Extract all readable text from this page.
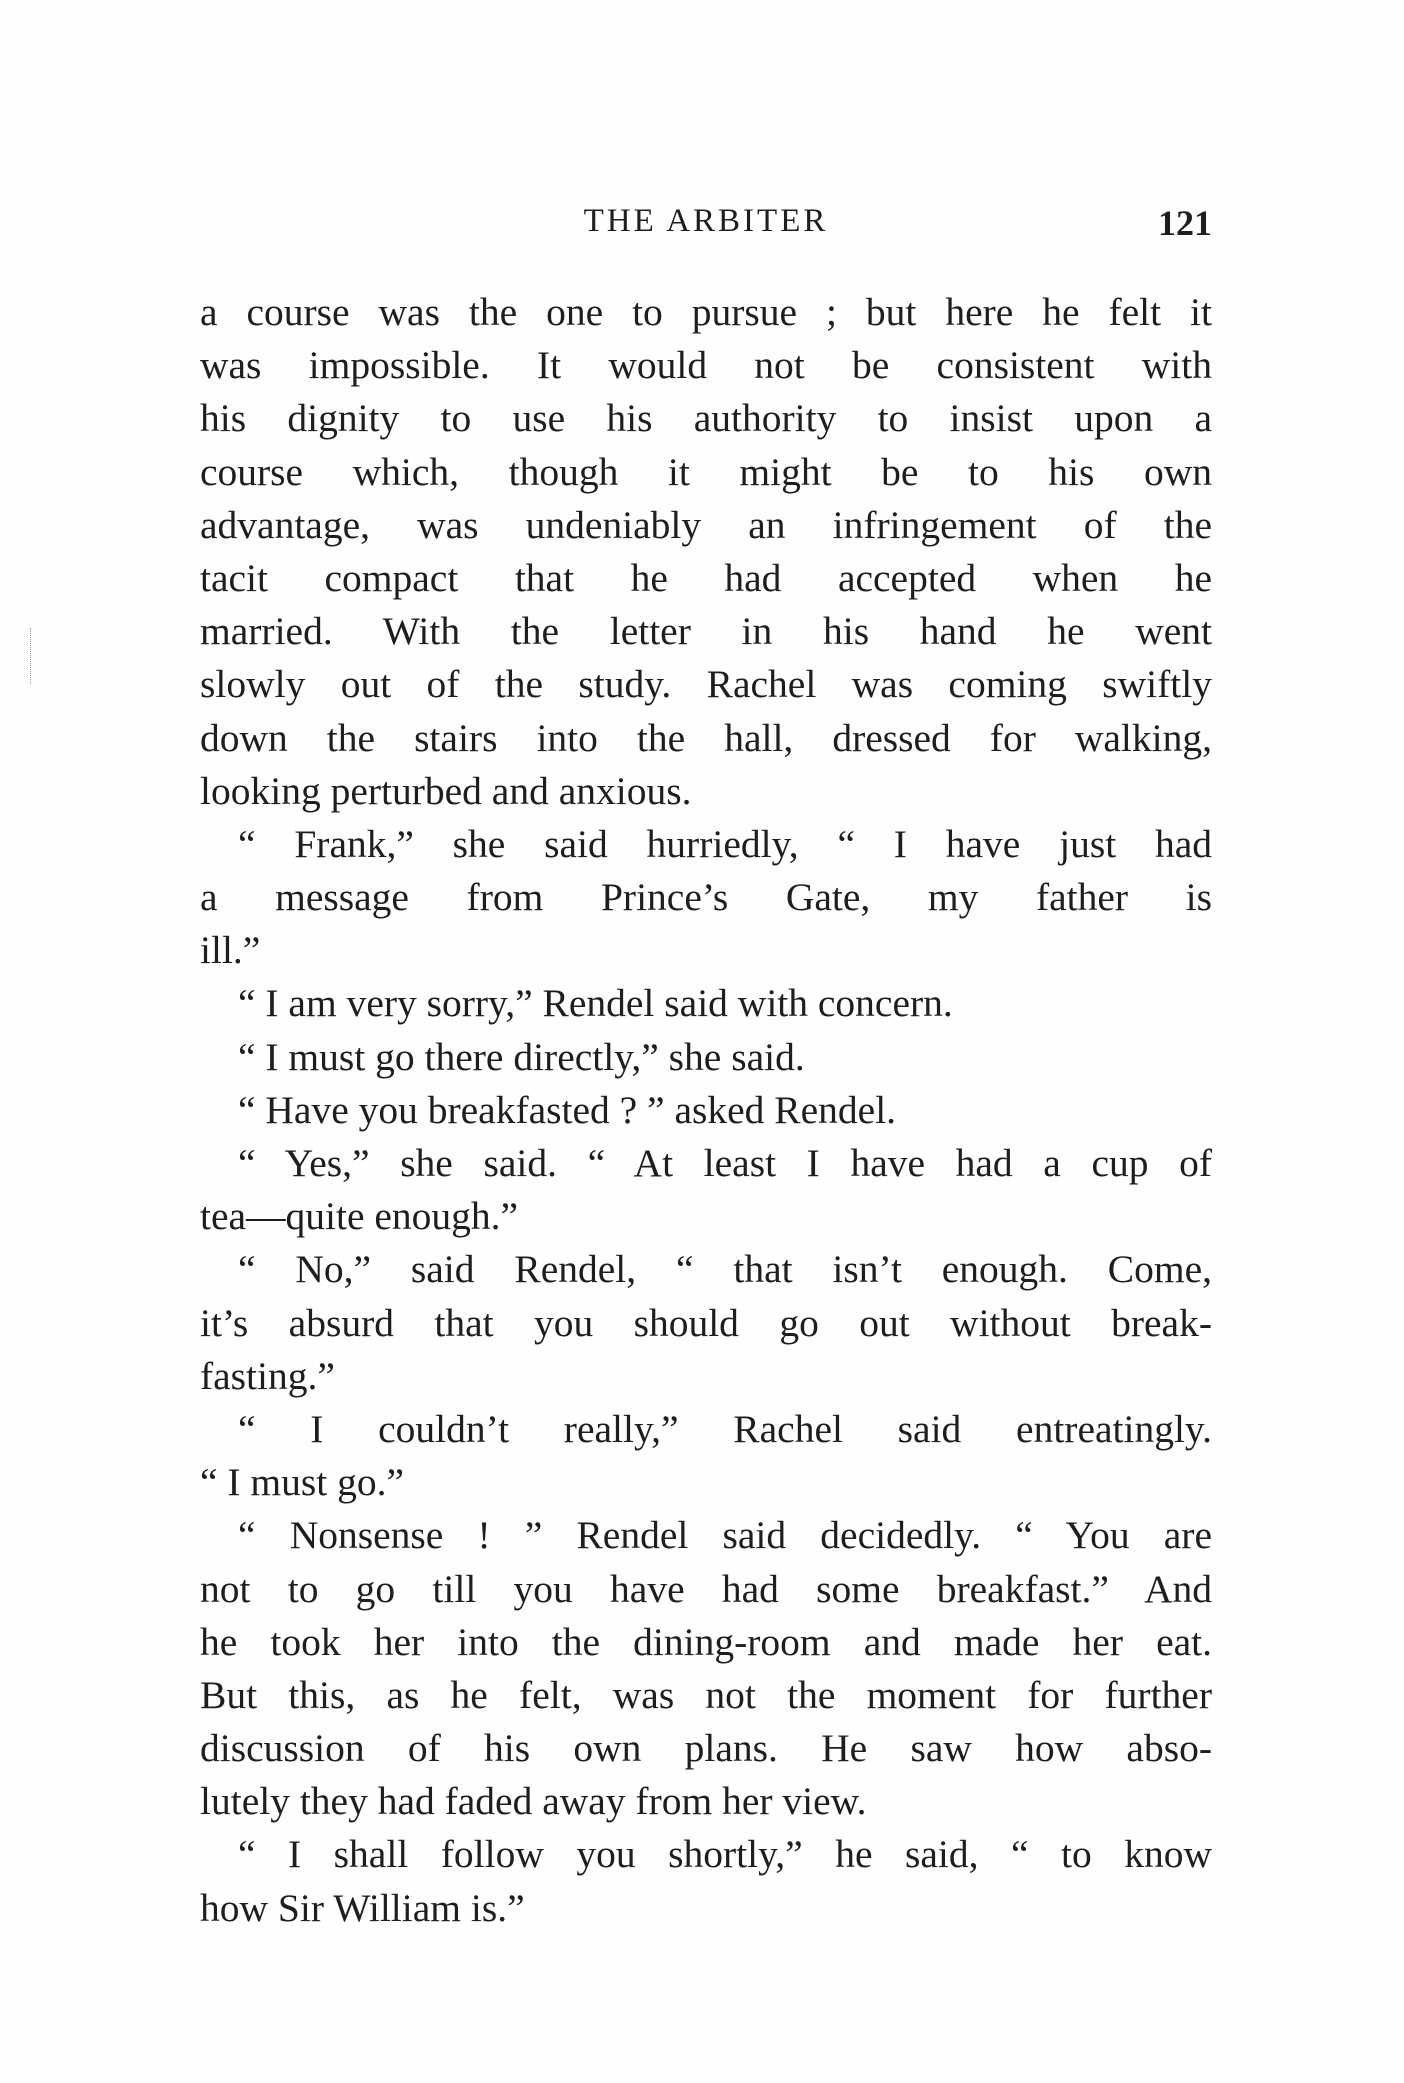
THE ARBITER	121
a course was the one to pursue ; but here he felt it
was impossible. It would not be consistent with
his dignity to use his authority to insist upon a
course which, though it might be to his own
advantage, was undeniably an infringement of the
tacit compact that he had accepted when he
married. With the letter in his hand he went
slowly out of the study. Rachel was coming swiftly
down the stairs into the hall, dressed for walking,
looking perturbed and anxious.
“ Frank,” she said hurriedly, “ I have just had
a message from Prince’s Gate, my father is
ill.”
“ I am very sorry,” Rendel said with concern.
“ I must go there directly,” she said.
“ Have you breakfasted ? ” asked Rendel.
“ Yes,” she said. “ At least I have had a cup of
tea—quite enough.”
“ No,” said Rendel, “ that isn’t enough. Come,
it’s absurd that you should go out without break-
fasting.”
“ I couldn’t really,” Rachel said entreatingly.
“ I must go.”
“ Nonsense ! ” Rendel said decidedly. “ You are
not to go till you have had some breakfast.” And
he took her into the dining-room and made her eat.
But this, as he felt, was not the moment for further
discussion of his own plans. He saw how abso-
lutely they had faded away from her view.
“ I shall follow you shortly,” he said, “ to know
how Sir William is.”
